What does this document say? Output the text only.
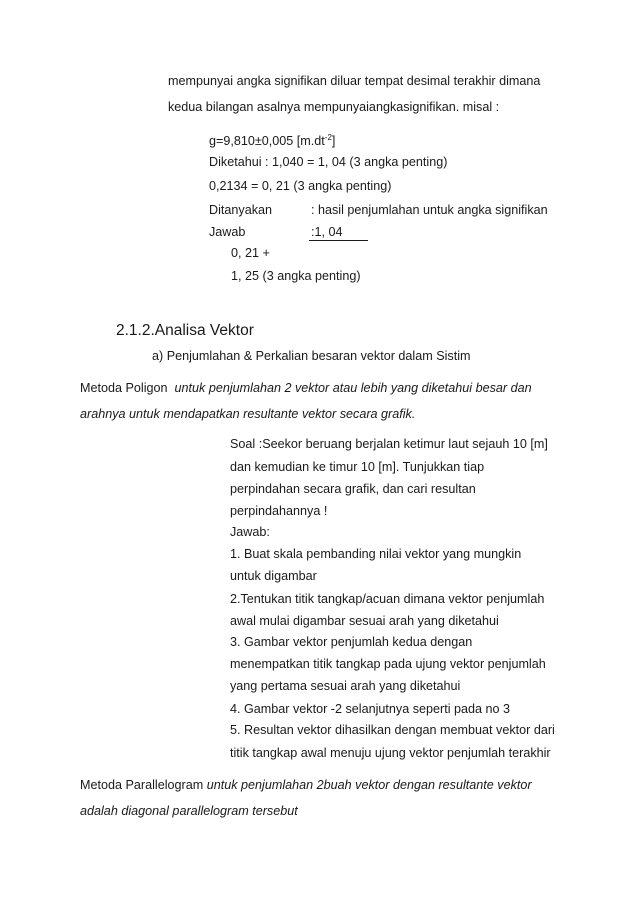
mempunyai angka signifikan diluar tempat desimal terakhir dimana
kedua bilangan asalnya mempunyaiangkasignifikan. misal :
g=9,810±0,005 $[m.dt^{-2}]$
Diketahui : 1,040 = 1, 04 (3 angka penting)
0,2134 = 0, 21 (3 angka penting)
Ditanyakan	: hasil penjumlahan untuk angka signifikan
Jawab	:1, 04
0, 21 +
1, 25 (3 angka penting)
2.1.2.Analisa Vektor
a) Penjumlahan & Perkalian besaran vektor dalam Sistim
Metoda Poligon untuk penjumlahan 2 vektor atau lebih yang diketahui besar dan
arahnya untuk mendapatkan resultante vektor secara grafik.
Soal :Seekor beruang berjalan ketimur laut sejauh 10 [m]
dan kemudian ke timur 10 [m]. Tunjukkan tiap
perpindahan secara grafik, dan cari resultan
perpindahannya !
Jawab:
1. Buat skala pembanding nilai vektor yang mungkin
untuk digambar
2.Tentukan titik tangkap/acuan dimana vektor penjumlah
awal mulai digambar sesuai arah yang diketahui
3. Gambar vektor penjumlah kedua dengan
menempatkan titik tangkap pada ujung vektor penjumlah
yang pertama sesuai arah yang diketahui
4. Gambar vektor -2 selanjutnya seperti pada no 3
5. Resultan vektor dihasilkan dengan membuat vektor dari
titik tangkap awal menuju ujung vektor penjumlah terakhir
Metoda Parallelogram untuk penjumlahan 2buah vektor dengan resultante vektor
adalah diagonal parallelogram tersebut
